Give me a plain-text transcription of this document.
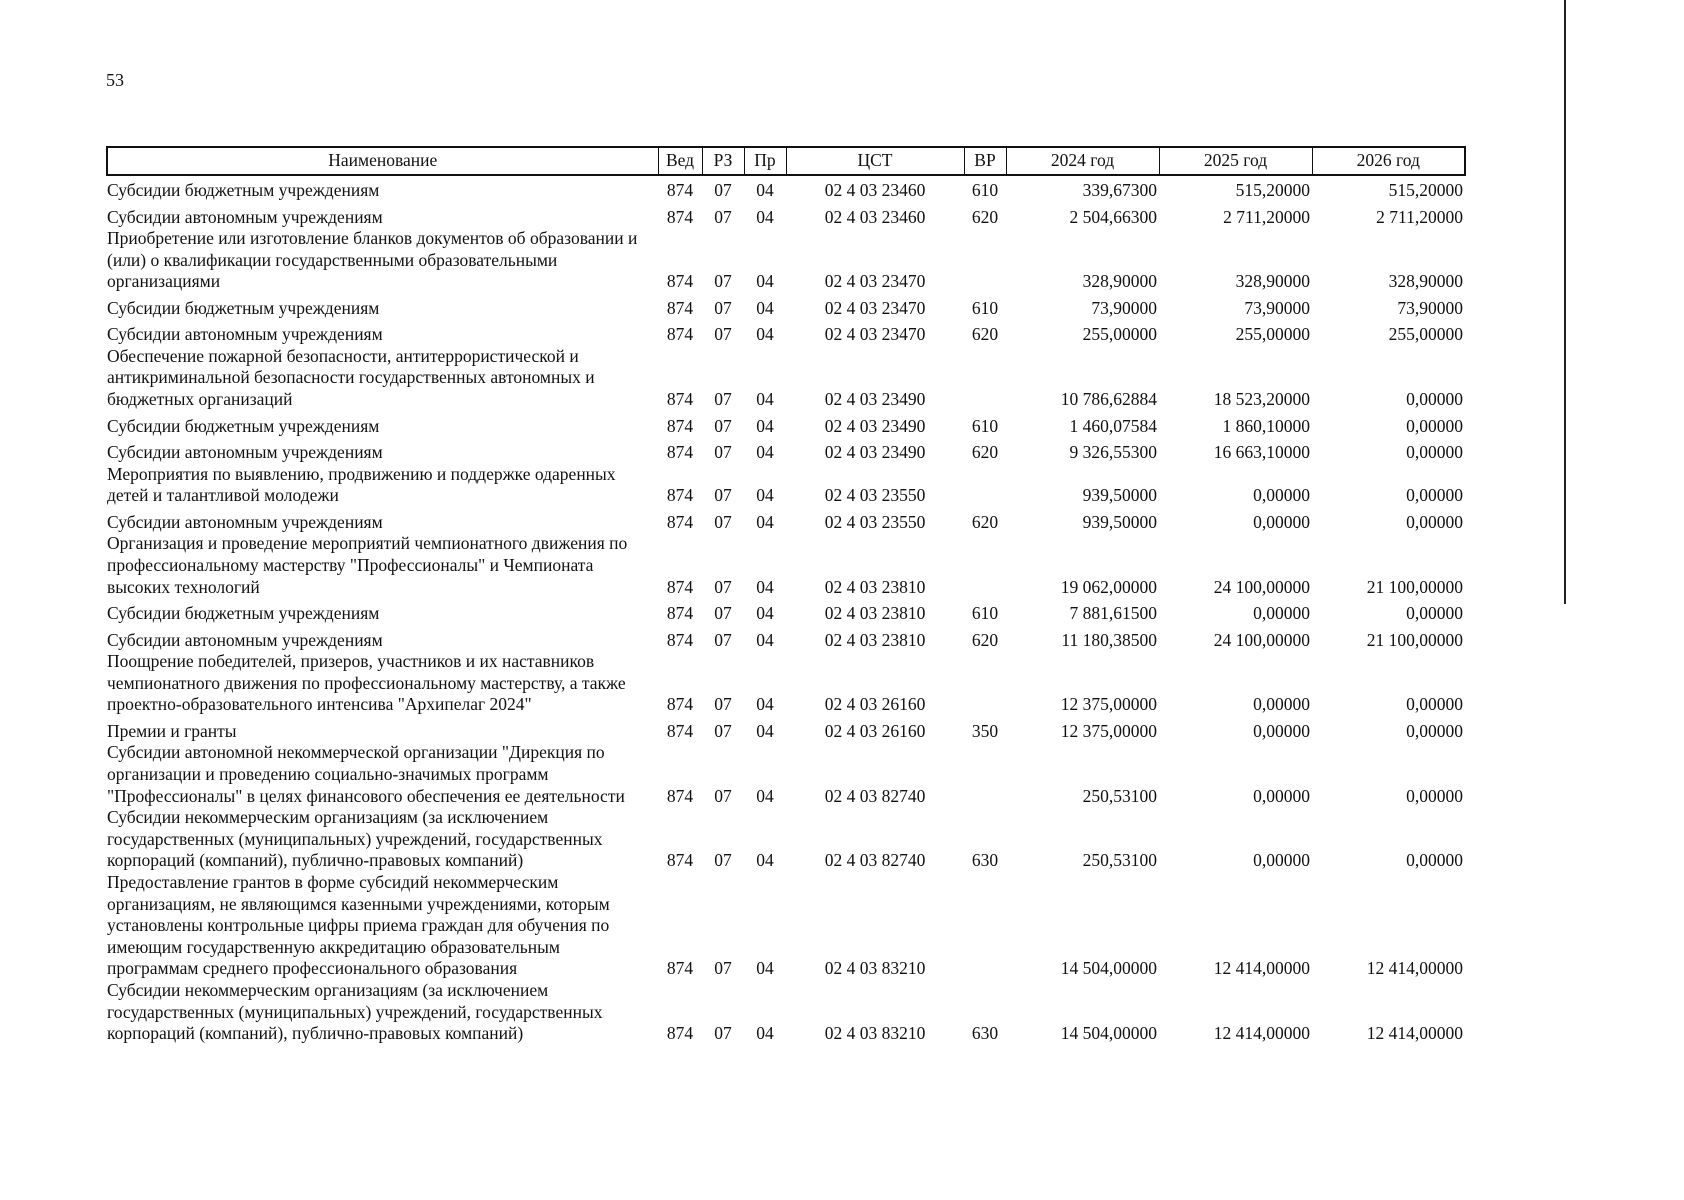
53
Наименование	Вед	РЗ	Пр	ЦСТ	ВР	2024 год	2025 год	2026 год
Субсидии бюджетным учреждениям	874	07	04	02 4 03 23460	610	339,67300	515,20000	515,20000
Субсидии автономным учреждениям	874	07	04	02 4 03 23460	620	2 504,66300	2 711,20000	2 711,20000
Приобретение или изготовление бланков документов об образовании и (или) о квалификации государственными образовательными организациями	874	07	04	02 4 03 23470		328,90000	328,90000	328,90000
Субсидии бюджетным учреждениям	874	07	04	02 4 03 23470	610	73,90000	73,90000	73,90000
Субсидии автономным учреждениям	874	07	04	02 4 03 23470	620	255,00000	255,00000	255,00000
Обеспечение пожарной безопасности, антитеррористической и антикриминальной безопасности государственных автономных и бюджетных организаций	874	07	04	02 4 03 23490		10 786,62884	18 523,20000	0,00000
Субсидии бюджетным учреждениям	874	07	04	02 4 03 23490	610	1 460,07584	1 860,10000	0,00000
Субсидии автономным учреждениям	874	07	04	02 4 03 23490	620	9 326,55300	16 663,10000	0,00000
Мероприятия по выявлению, продвижению и поддержке одаренных детей и талантливой молодежи	874	07	04	02 4 03 23550		939,50000	0,00000	0,00000
Субсидии автономным учреждениям	874	07	04	02 4 03 23550	620	939,50000	0,00000	0,00000
Организация и проведение мероприятий чемпионатного движения по профессиональному мастерству "Профессионалы" и Чемпионата высоких технологий	874	07	04	02 4 03 23810		19 062,00000	24 100,00000	21 100,00000
Субсидии бюджетным учреждениям	874	07	04	02 4 03 23810	610	7 881,61500	0,00000	0,00000
Субсидии автономным учреждениям	874	07	04	02 4 03 23810	620	11 180,38500	24 100,00000	21 100,00000
Поощрение победителей, призеров, участников и их наставников чемпионатного движения по профессиональному мастерству, а также проектно-образовательного интенсива "Архипелаг 2024"	874	07	04	02 4 03 26160		12 375,00000	0,00000	0,00000
Премии и гранты	874	07	04	02 4 03 26160	350	12 375,00000	0,00000	0,00000
Субсидии автономной некоммерческой организации "Дирекция по организации и проведению социально-значимых программ "Профессионалы" в целях финансового обеспечения ее деятельности	874	07	04	02 4 03 82740		250,53100	0,00000	0,00000
Субсидии некоммерческим организациям (за исключением государственных (муниципальных) учреждений, государственных корпораций (компаний), публично-правовых компаний)	874	07	04	02 4 03 82740	630	250,53100	0,00000	0,00000
Предоставление грантов в форме субсидий некоммерческим организациям, не являющимся казенными учреждениями, которым установлены контрольные цифры приема граждан для обучения по имеющим государственную аккредитацию образовательным программам среднего профессионального образования	874	07	04	02 4 03 83210		14 504,00000	12 414,00000	12 414,00000
Субсидии некоммерческим организациям (за исключением государственных (муниципальных) учреждений, государственных корпораций (компаний), публично-правовых компаний)	874	07	04	02 4 03 83210	630	14 504,00000	12 414,00000	12 414,00000
